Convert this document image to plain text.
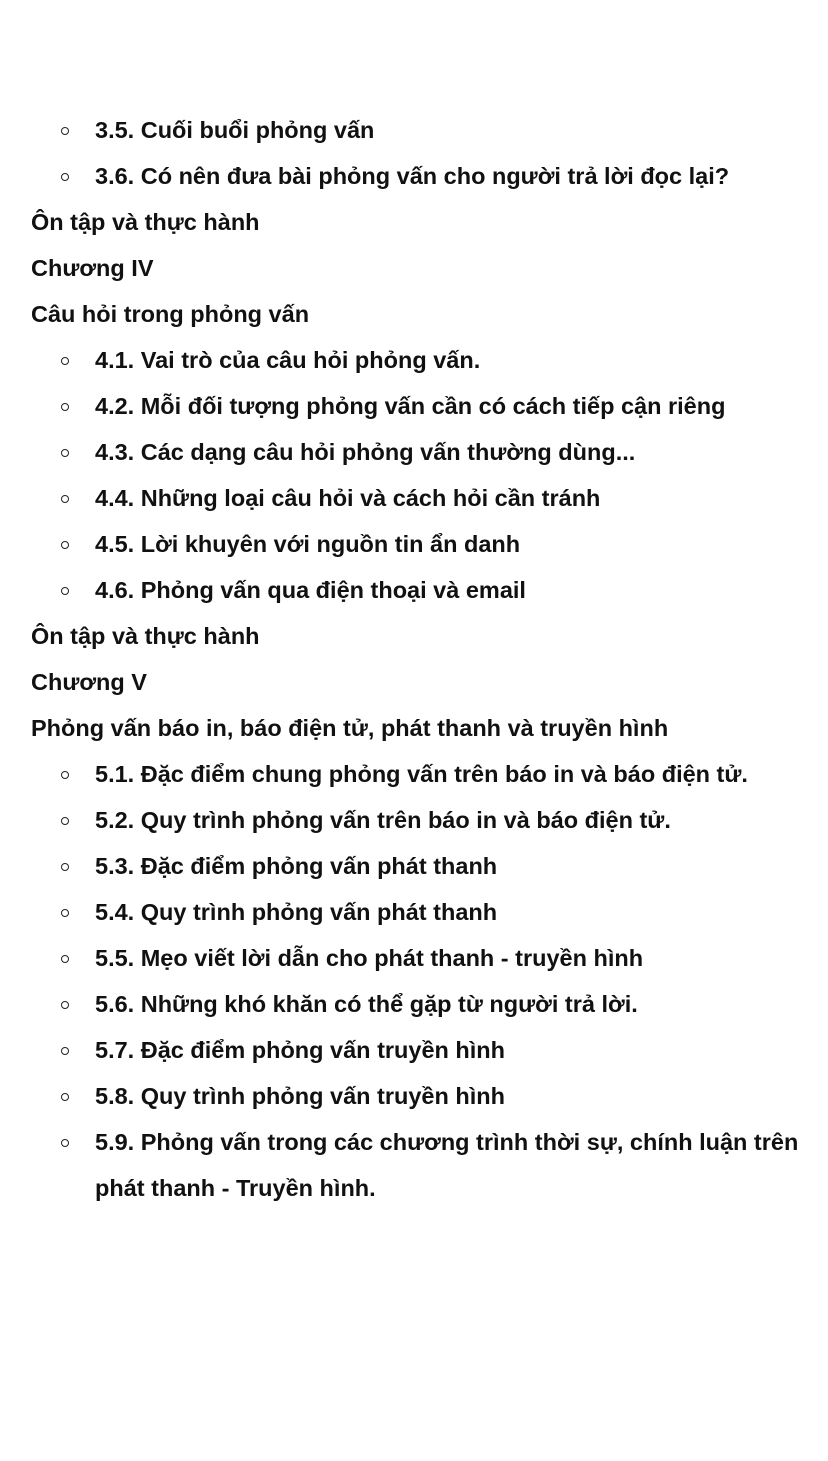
3.5. Cuối buổi phỏng vấn
3.6. Có nên đưa bài phỏng vấn cho người trả lời đọc lại?
Ôn tập và thực hành
Chương IV
Câu hỏi trong phỏng vấn
4.1. Vai trò của câu hỏi phỏng vấn.
4.2. Mỗi đối tượng phỏng vấn cần có cách tiếp cận riêng
4.3. Các dạng câu hỏi phỏng vấn thường dùng...
4.4. Những loại câu hỏi và cách hỏi cần tránh
4.5. Lời khuyên với nguồn tin ẩn danh
4.6. Phỏng vấn qua điện thoại và email
Ôn tập và thực hành
Chương V
Phỏng vấn báo in, báo điện tử, phát thanh và truyền hình
5.1. Đặc điểm chung phỏng vấn trên báo in và báo điện tử.
5.2. Quy trình phỏng vấn trên báo in và báo điện tử.
5.3. Đặc điểm phỏng vấn phát thanh
5.4. Quy trình phỏng vấn phát thanh
5.5. Mẹo viết lời dẫn cho phát thanh - truyền hình
5.6. Những khó khăn có thể gặp từ người trả lời.
5.7. Đặc điểm phỏng vấn truyền hình
5.8. Quy trình phỏng vấn truyền hình
5.9. Phỏng vấn trong các chương trình thời sự, chính luận trên phát thanh - Truyền hình.
